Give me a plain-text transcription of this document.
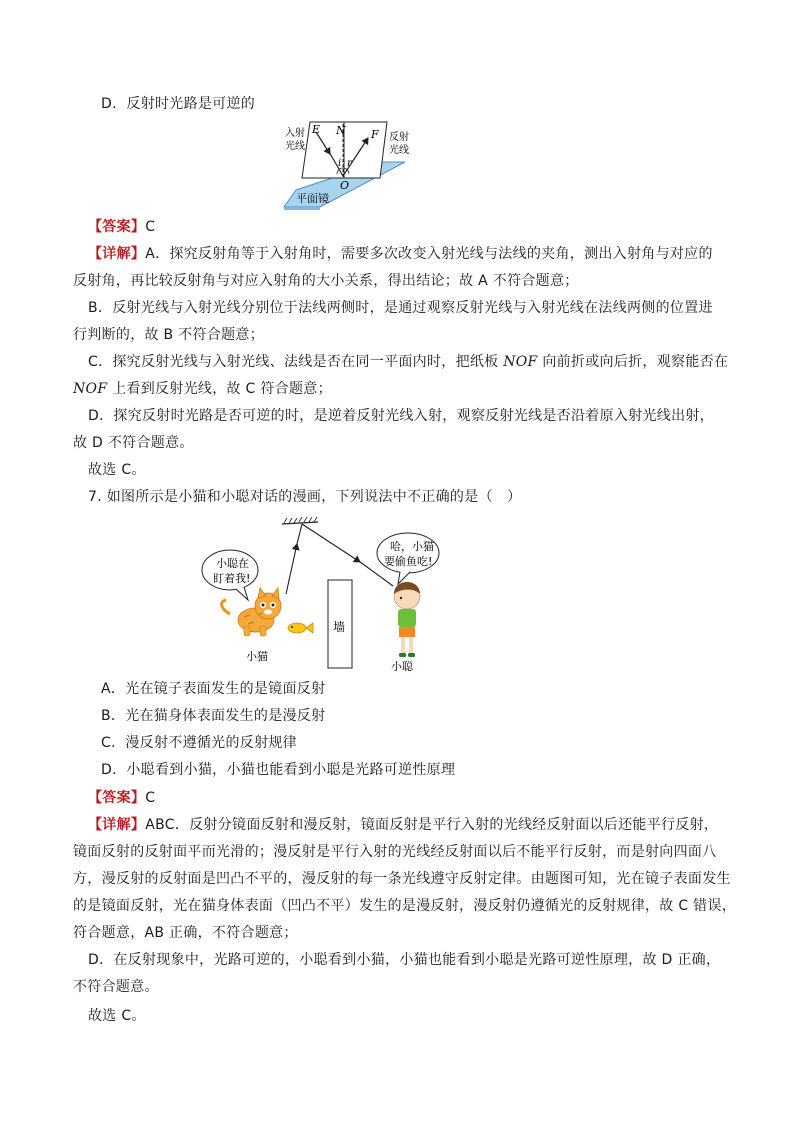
D．反射时光路是可逆的
E N F
i r
O
入射
光线
反射
光线
平面镜
【答案】C
【详解】A．探究反射角等于入射角时，需要多次改变入射光线与法线的夹角，测出入射角与对应的
反射角，再比较反射角与对应入射角的大小关系，得出结论；故 A 不符合题意；
B．反射光线与入射光线分别位于法线两侧时，是通过观察反射光线与入射光线在法线两侧的位置进
行判断的，故 B 不符合题意；
C．探究反射光线与入射光线、法线是否在同一平面内时，把纸板 NOF 向前折或向后折，观察能否在
NOF 上看到反射光线，故 C 符合题意；
D．探究反射时光路是否可逆的时，是逆着反射光线入射，观察反射光线是否沿着原入射光线出射，
故 D 不符合题意。
故选 C。
7. 如图所示是小猫和小聪对话的漫画，下列说法中不正确的是（　）
小聪在
盯着我!
哈，小猫
要偷鱼吃!
墙
小猫
小聪
A．光在镜子表面发生的是镜面反射
B．光在猫身体表面发生的是漫反射
C．漫反射不遵循光的反射规律
D．小聪看到小猫，小猫也能看到小聪是光路可逆性原理
【答案】C
【详解】ABC．反射分镜面反射和漫反射，镜面反射是平行入射的光线经反射面以后还能平行反射，
镜面反射的反射面平而光滑的；漫反射是平行入射的光线经反射面以后不能平行反射，而是射向四面八
方，漫反射的反射面是凹凸不平的，漫反射的每一条光线遵守反射定律。由题图可知，光在镜子表面发生
的是镜面反射，光在猫身体表面（凹凸不平）发生的是漫反射，漫反射仍遵循光的反射规律，故 C 错误，
符合题意，AB 正确，不符合题意；
D．在反射现象中，光路可逆的，小聪看到小猫，小猫也能看到小聪是光路可逆性原理，故 D 正确，
不符合题意。
故选 C。
